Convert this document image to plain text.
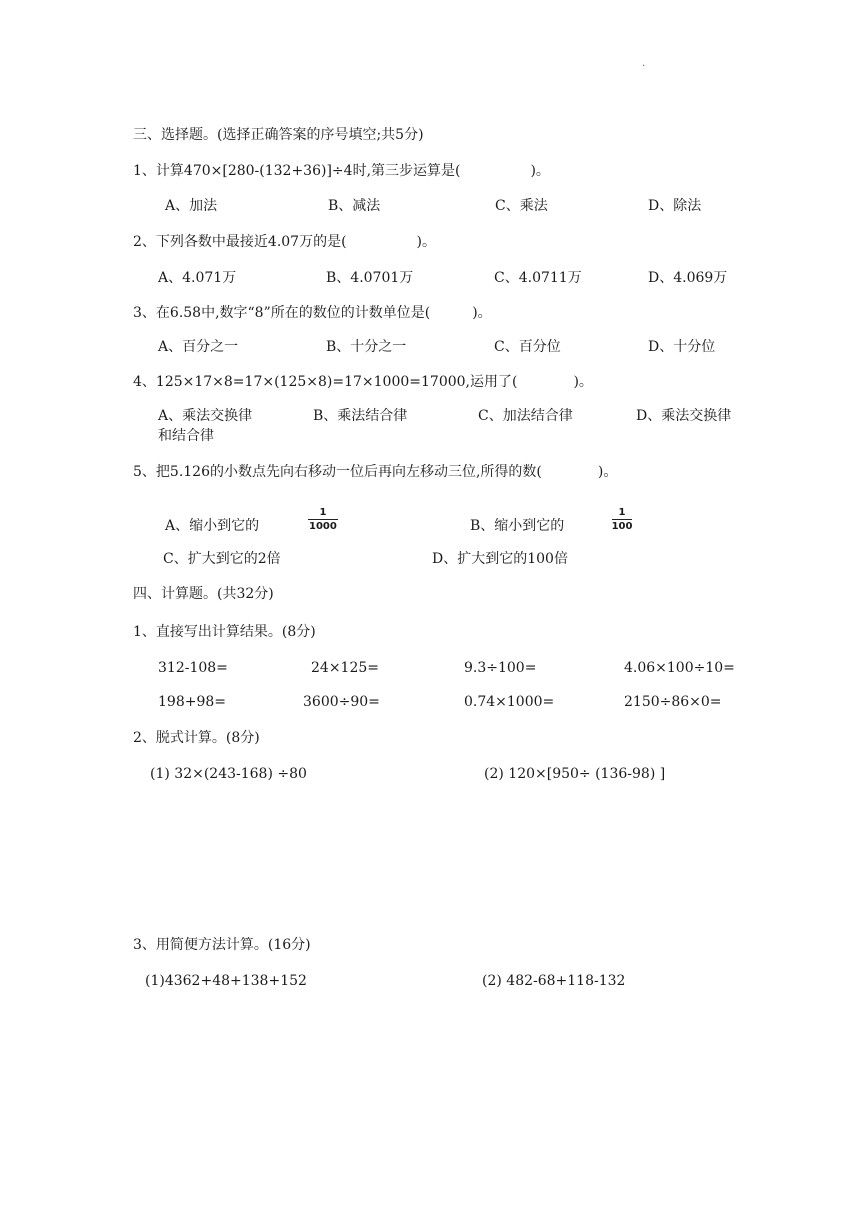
.
三、选择题。(选择正确答案的序号填空;共5分)
1、计算470×[280-(132+36)]÷4时,第三步运算是(　　　　　)。
A、加法	B、减法	C、乘法	D、除法
2、下列各数中最接近4.07万的是(　　　　　)。
A、4.071万	B、4.0701万	C、4.0711万	D、4.069万
3、在6.58中,数字“8”所在的数位的计数单位是(　　　)。
A、百分之一	B、十分之一	C、百分位	D、十分位
4、125×17×8=17×(125×8)=17×1000=17000,运用了(　　　　)。
A、乘法交换律	B、乘法结合律	C、加法结合律	D、乘法交换律
和结合律
5、把5.126的小数点先向右移动一位后再向左移动三位,所得的数(　　　　)。
A、缩小到它的
1
1000	B、缩小到它的
1
100
C、扩大到它的2倍	D、扩大到它的100倍
四、计算题。(共32分)
1、直接写出计算结果。(8分)
312-108=	24×125=	9.3÷100=	4.06×100÷10=
198+98=	3600÷90=	0.74×1000=	2150÷86×0=
2、脱式计算。(8分)
(1) 32×(243-168) ÷80	(2) 120×[950÷ (136-98) ]
3、用简便方法计算。(16分)
(1)4362+48+138+152	(2) 482-68+118-132
